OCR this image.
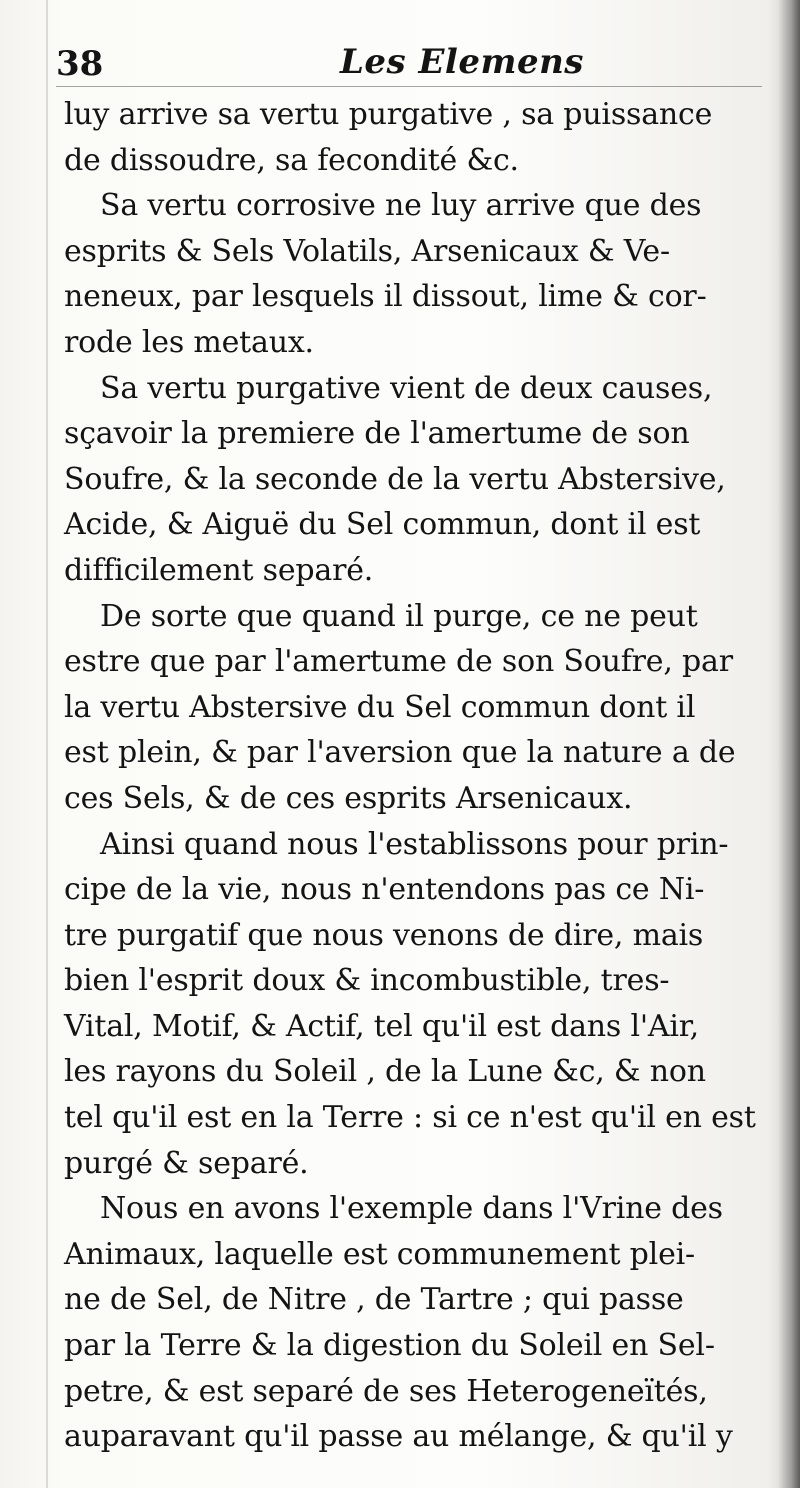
38	Les Elemens
luy arrive sa vertu purgative , sa puissance
de dissoudre, sa fecondité &c.
Sa vertu corrosive ne luy arrive que des
esprits & Sels Volatils, Arsenicaux & Ve-
neneux, par lesquels il dissout, lime & cor-
rode les metaux.
Sa vertu purgative vient de deux causes,
sçavoir la premiere de l'amertume de son
Soufre, & la seconde de la vertu Abstersive,
Acide, & Aiguë du Sel commun, dont il est
difficilement separé.
De sorte que quand il purge, ce ne peut
estre que par l'amertume de son Soufre, par
la vertu Abstersive du Sel commun dont il
est plein, & par l'aversion que la nature a de
ces Sels, & de ces esprits Arsenicaux.
Ainsi quand nous l'establissons pour prin-
cipe de la vie, nous n'entendons pas ce Ni-
tre purgatif que nous venons de dire, mais
bien l'esprit doux & incombustible, tres-
Vital, Motif, & Actif, tel qu'il est dans l'Air,
les rayons du Soleil , de la Lune &c, & non
tel qu'il est en la Terre : si ce n'est qu'il en est
purgé & separé.
Nous en avons l'exemple dans l'Vrine des
Animaux, laquelle est communement plei-
ne de Sel, de Nitre , de Tartre ; qui passe
par la Terre & la digestion du Soleil en Sel-
petre, & est separé de ses Heterogeneïtés,
auparavant qu'il passe au mélange, & qu'il y
